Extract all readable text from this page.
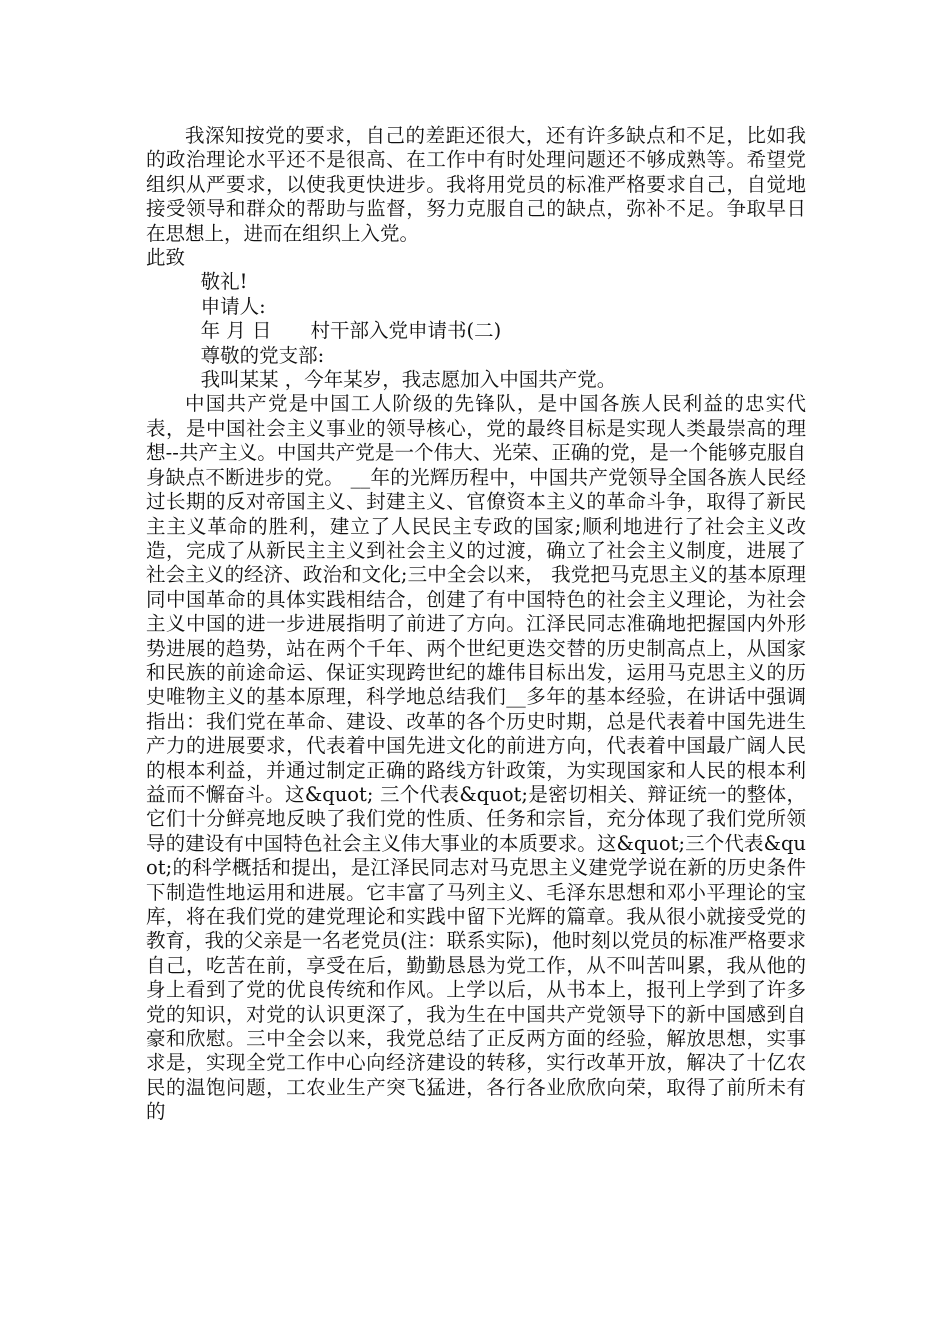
我深知按党的要求，自己的差距还很大，还有许多缺点和不足，比如我的政治理论水平还不是很高、在工作中有时处理问题还不够成熟等。希望党组织从严要求，以使我更快进步。我将用党员的标准严格要求自己，自觉地接受领导和群众的帮助与监督，努力克服自己的缺点，弥补不足。争取早日在思想上，进而在组织上入党。

此致

敬礼!

申请人:

年 月 日 村干部入党申请书(二)

尊敬的党支部:

我叫某某 ，今年某岁，我志愿加入中国共产党。

中国共产党是中国工人阶级的先锋队，是中国各族人民利益的忠实代表，是中国社会主义事业的领导核心，党的最终目标是实现人类最崇高的理想--共产主义。中国共产党是一个伟大、光荣、正确的党，是一个能够克服自身缺点不断进步的党。 __年的光辉历程中，中国共产党领导全国各族人民经过长期的反对帝国主义、封建主义、官僚资本主义的革命斗争，取得了新民主主义革命的胜利，建立了人民民主专政的国家;顺利地进行了社会主义改造，完成了从新民主主义到社会主义的过渡，确立了社会主义制度，进展了社会主义的经济、政治和文化;三中全会以来， 我党把马克思主义的基本原理同中国革命的具体实践相结合，创建了有中国特色的社会主义理论，为社会主义中国的进一步进展指明了前进了方向。江泽民同志准确地把握国内外形势进展的趋势，站在两个千年、两个世纪更迭交替的历史制高点上，从国家和民族的前途命运、保证实现跨世纪的雄伟目标出发，运用马克思主义的历史唯物主义的基本原理，科学地总结我们__多年的基本经验，在讲话中强调指出：我们党在革命、建设、改革的各个历史时期，总是代表着中国先进生产力的进展要求，代表着中国先进文化的前进方向，代表着中国最广阔人民的根本利益，并通过制定正确的路线方针政策，为实现国家和人民的根本利益而不懈奋斗。这&quot; 三个代表&quot;是密切相关、辩证统一的整体，它们十分鲜亮地反映了我们党的性质、任务和宗旨，充分体现了我们党所领导的建设有中国特色社会主义伟大事业的本质要求。这&quot;三个代表&quot;的科学概括和提出，是江泽民同志对马克思主义建党学说在新的历史条件下制造性地运用和进展。它丰富了马列主义、毛泽东思想和邓小平理论的宝库，将在我们党的建党理论和实践中留下光辉的篇章。我从很小就接受党的教育，我的父亲是一名老党员(注：联系实际)，他时刻以党员的标准严格要求自己，吃苦在前，享受在后，勤勤恳恳为党工作，从不叫苦叫累，我从他的身上看到了党的优良传统和作风。上学以后，从书本上，报刊上学到了许多党的知识，对党的认识更深了，我为生在中国共产党领导下的新中国感到自豪和欣慰。三中全会以来，我党总结了正反两方面的经验，解放思想，实事求是，实现全党工作中心向经济建设的转移，实行改革开放，解决了十亿农民的温饱问题，工农业生产突飞猛进，各行各业欣欣向荣，取得了前所未有的
